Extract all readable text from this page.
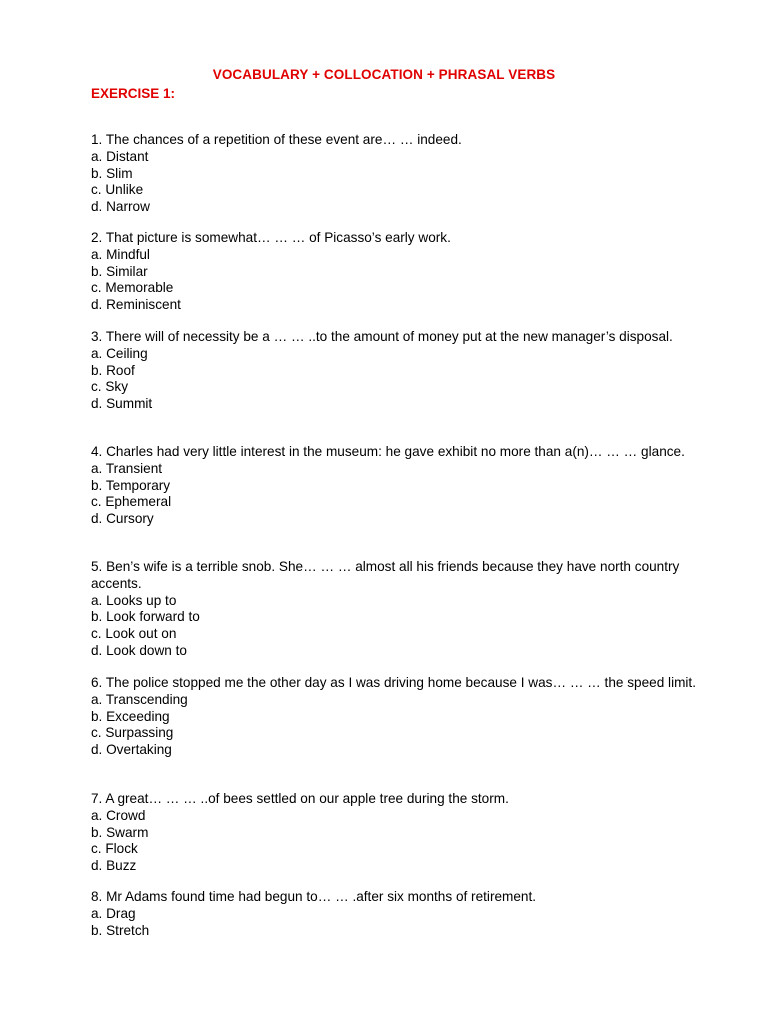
VOCABULARY + COLLOCATION + PHRASAL VERBS
EXERCISE 1:
1. The chances of a repetition of these event are… … indeed.
a. Distant
b. Slim
c. Unlike
d. Narrow
2. That picture is somewhat… … … of Picasso’s early work.
a. Mindful
b. Similar
c. Memorable
d. Reminiscent
3. There will of necessity be a … … ..to the amount of money put at the new manager’s disposal.
a. Ceiling
b. Roof
c. Sky
d. Summit
4. Charles had very little interest in the museum: he gave exhibit no more than a(n)… … … glance.
a. Transient
b. Temporary
c. Ephemeral
d. Cursory
5. Ben’s wife is a terrible snob. She… … … almost all his friends because they have north country accents.
a. Looks up to
b. Look forward to
c. Look out on
d. Look down to
6. The police stopped me the other day as I was driving home because I was… … … the speed limit.
a. Transcending
b. Exceeding
c. Surpassing
d. Overtaking
7. A great… … … ..of bees settled on our apple tree during the storm.
a. Crowd
b. Swarm
c. Flock
d. Buzz
8. Mr Adams found time had begun to… … .after six months of retirement.
a. Drag
b. Stretch
